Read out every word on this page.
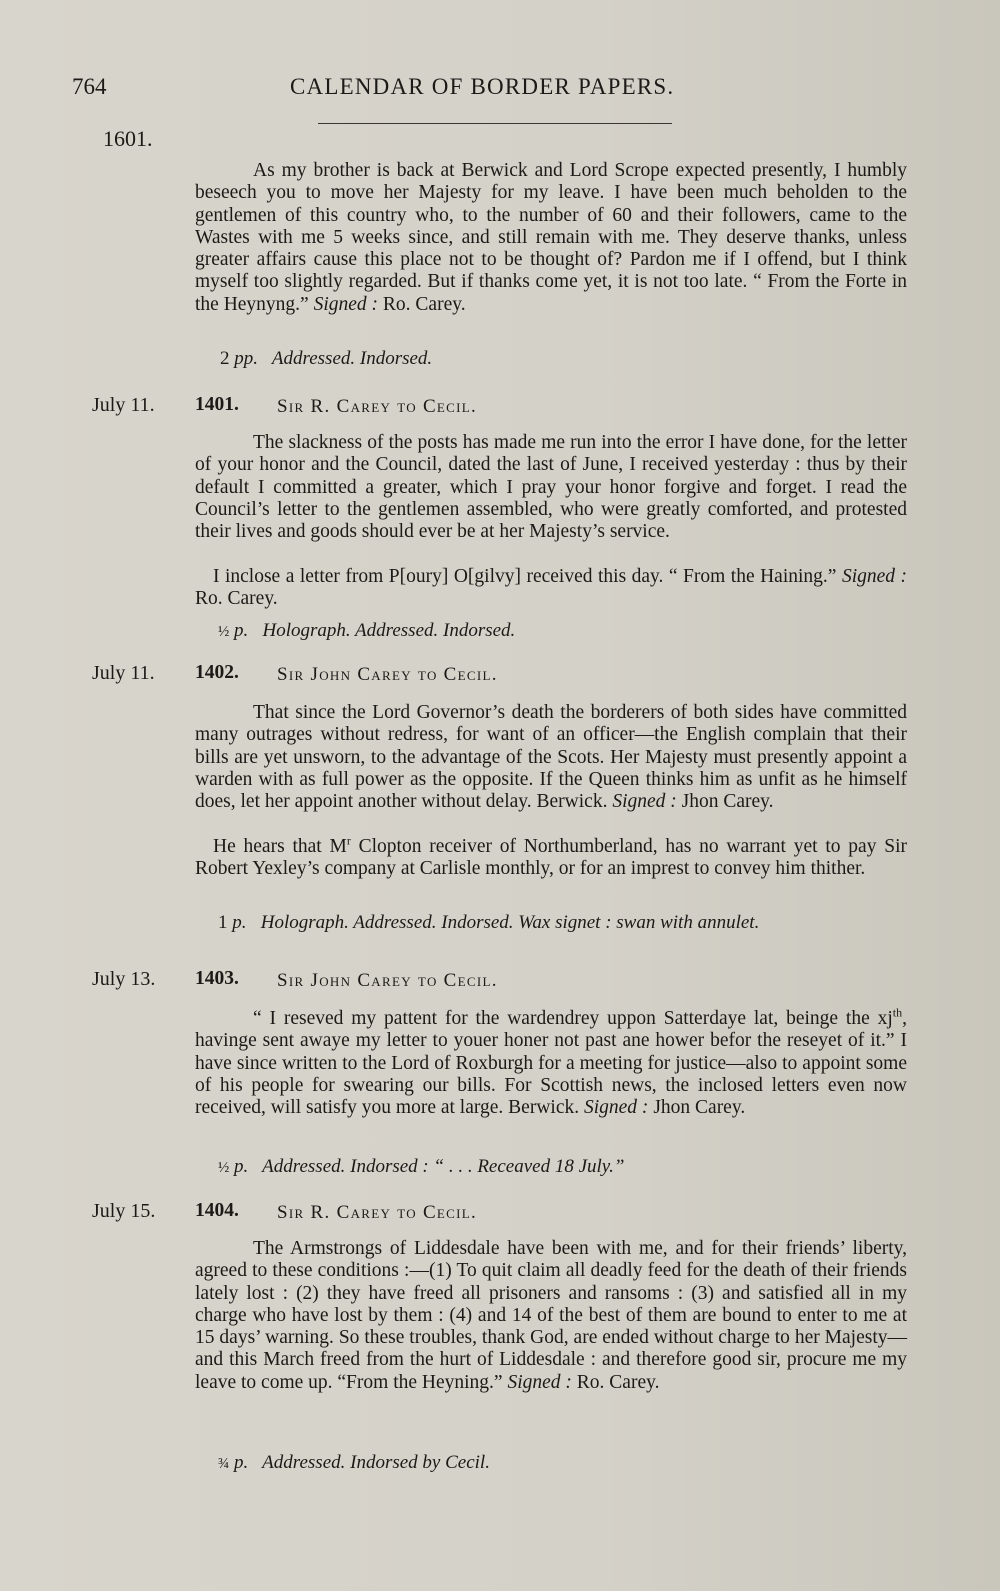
764	CALENDAR OF BORDER PAPERS.
1601.

As my brother is back at Berwick and Lord Scrope expected presently, I humbly beseech you to move her Majesty for my leave. I have been much beholden to the gentlemen of this country who, to the number of 60 and their followers, came to the Wastes with me 5 weeks since, and still remain with me. They deserve thanks, unless greater affairs cause this place not to be thought of? Pardon me if I offend, but I think myself too slightly regarded. But if thanks come yet, it is not too late. “ From the Forte in the Heynyng.” Signed : Ro. Carey.

2 pp. Addressed. Indorsed.
July 11. 1401. Sir R. Carey to Cecil.

The slackness of the posts has made me run into the error I have done, for the letter of your honor and the Council, dated the last of June, I received yesterday : thus by their default I committed a greater, which I pray your honor forgive and forget. I read the Council’s letter to the gentlemen assembled, who were greatly comforted, and protested their lives and goods should ever be at her Majesty’s service.

I inclose a letter from P[oury] O[gilvy] received this day. “ From the Haining.” Signed : Ro. Carey.

½ p. Holograph. Addressed. Indorsed.
July 11. 1402. Sir John Carey to Cecil.

That since the Lord Governor’s death the borderers of both sides have committed many outrages without redress, for want of an officer—the English complain that their bills are yet unsworn, to the advantage of the Scots. Her Majesty must presently appoint a warden with as full power as the opposite. If the Queen thinks him as unfit as he himself does, let her appoint another without delay. Berwick. Signed : Jhon Carey.

He hears that $M^r$ Clopton receiver of Northumberland, has no warrant yet to pay Sir Robert Yexley’s company at Carlisle monthly, or for an imprest to convey him thither.

1 p. Holograph. Addressed. Indorsed. Wax signet : swan with annulet.
July 13. 1403. Sir John Carey to Cecil.

“ I reseved my pattent for the wardendrey uppon Satterdaye lat, beinge the $xj^{th}$, havinge sent awaye my letter to youer honer not past ane hower befor the reseyet of it.” I have since written to the Lord of Roxburgh for a meeting for justice—also to appoint some of his people for swearing our bills. For Scottish news, the inclosed letters even now received, will satisfy you more at large. Berwick. Signed : Jhon Carey.

½ p. Addressed. Indorsed : “ . . . Receaved 18 July.”
July 15. 1404. Sir R. Carey to Cecil.

The Armstrongs of Liddesdale have been with me, and for their friends’ liberty, agreed to these conditions :—(1) To quit claim all deadly feed for the death of their friends lately lost : (2) they have freed all prisoners and ransoms : (3) and satisfied all in my charge who have lost by them : (4) and 14 of the best of them are bound to enter to me at 15 days’ warning. So these troubles, thank God, are ended without charge to her Majesty—and this March freed from the hurt of Liddesdale : and therefore good sir, procure me my leave to come up. “From the Heyning.” Signed : Ro. Carey.

¾ p. Addressed. Indorsed by Cecil.
